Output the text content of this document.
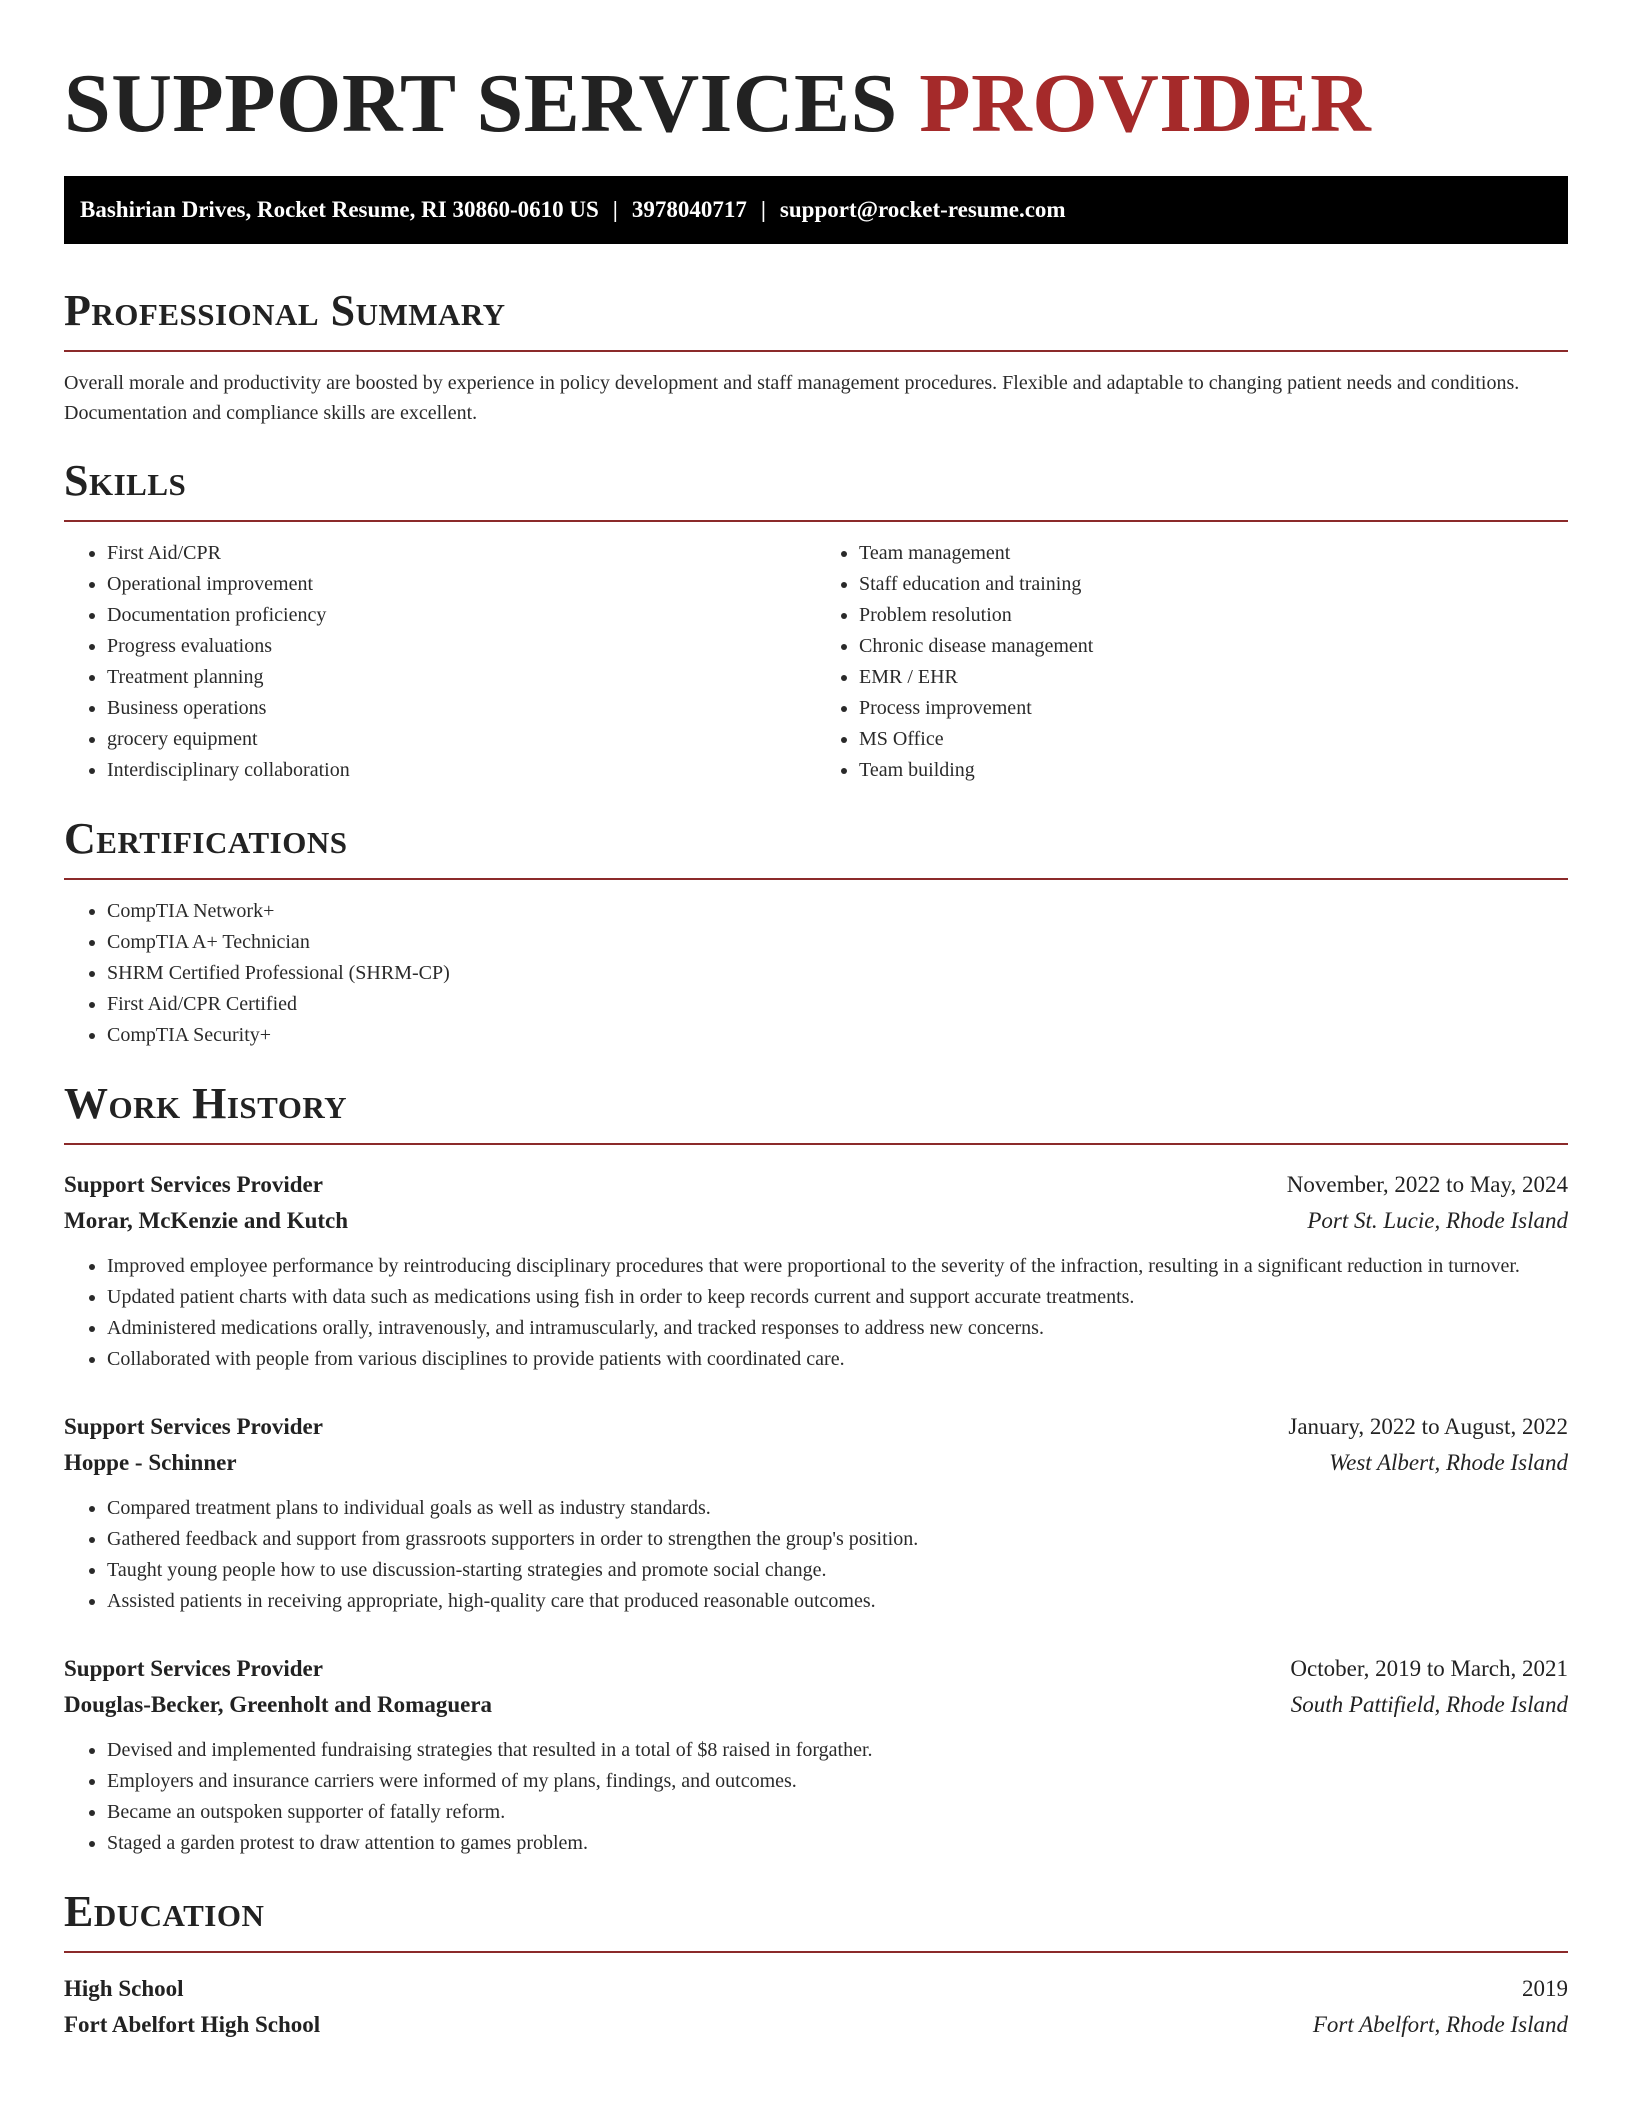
SUPPORT SERVICES PROVIDER
Bashirian Drives, Rocket Resume, RI 30860-0610 US | 3978040717 | support@rocket-resume.com
Professional Summary

Overall morale and productivity are boosted by experience in policy development and staff management procedures. Flexible and adaptable to changing patient needs and conditions. Documentation and compliance skills are excellent.

Skills
• First Aid/CPR
• Operational improvement
• Documentation proficiency
• Progress evaluations
• Treatment planning
• Business operations
• grocery equipment
• Interdisciplinary collaboration
• Team management
• Staff education and training
• Problem resolution
• Chronic disease management
• EMR / EHR
• Process improvement
• MS Office
• Team building
Certifications
• CompTIA Network+
• CompTIA A+ Technician
• SHRM Certified Professional (SHRM-CP)
• First Aid/CPR Certified
• CompTIA Security+
Work History
Support Services Provider	November, 2022 to May, 2024
Morar, McKenzie and Kutch	Port St. Lucie, Rhode Island
• Improved employee performance by reintroducing disciplinary procedures that were proportional to the severity of the infraction, resulting in a significant reduction in turnover.
• Updated patient charts with data such as medications using fish in order to keep records current and support accurate treatments.
• Administered medications orally, intravenously, and intramuscularly, and tracked responses to address new concerns.
• Collaborated with people from various disciplines to provide patients with coordinated care.
Support Services Provider	January, 2022 to August, 2022
Hoppe - Schinner	West Albert, Rhode Island
• Compared treatment plans to individual goals as well as industry standards.
• Gathered feedback and support from grassroots supporters in order to strengthen the group's position.
• Taught young people how to use discussion-starting strategies and promote social change.
• Assisted patients in receiving appropriate, high-quality care that produced reasonable outcomes.
Support Services Provider	October, 2019 to March, 2021
Douglas-Becker, Greenholt and Romaguera	South Pattifield, Rhode Island
• Devised and implemented fundraising strategies that resulted in a total of $8 raised in forgather.
• Employers and insurance carriers were informed of my plans, findings, and outcomes.
• Became an outspoken supporter of fatally reform.
• Staged a garden protest to draw attention to games problem.
Education
High School	2019
Fort Abelfort High School	Fort Abelfort, Rhode Island
